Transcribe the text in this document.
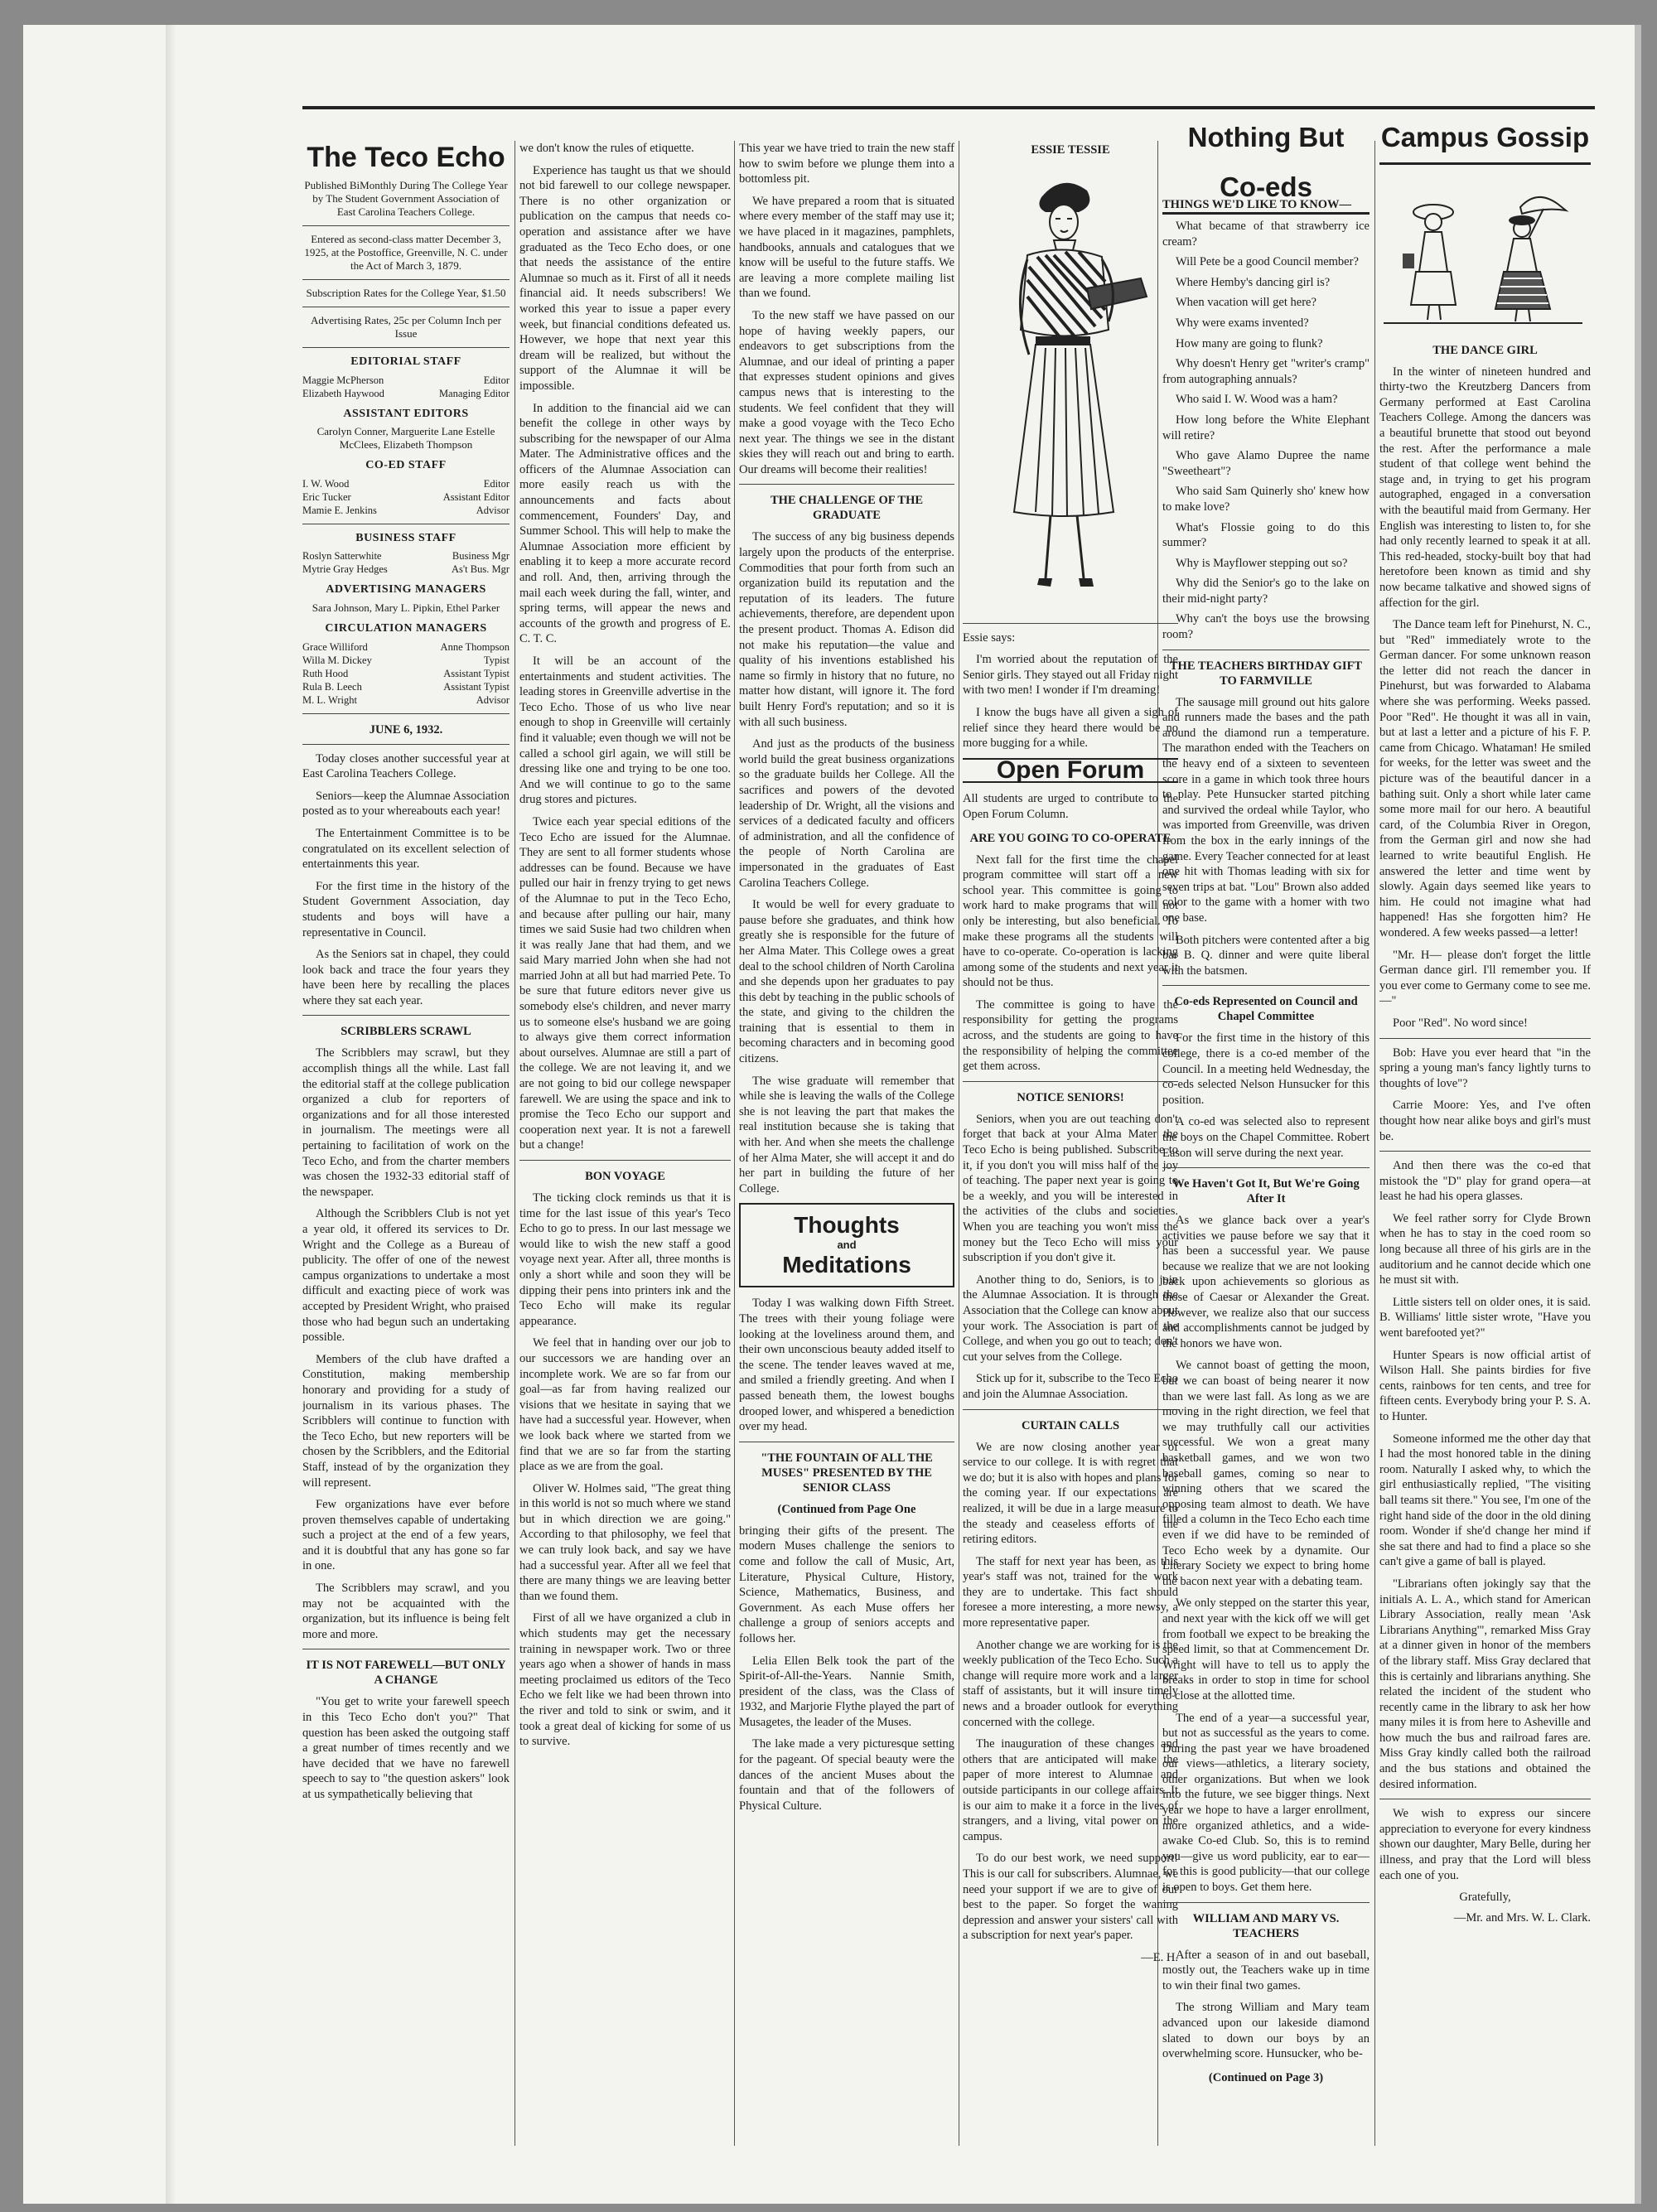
Nothing But Co-eds
Campus Gossip
The Teco Echo
Published BiMonthly During The College Year by The Student Government Association of East Carolina Teachers College.
Entered as second-class matter December 3, 1925, at the Postoffice, Greenville, N. C. under the Act of March 3, 1879.
Subscription Rates for the College Year, $1.50
Advertising Rates, 25c per Column Inch per Issue
EDITORIAL STAFF
Maggie McPherson	Editor
Elizabeth Haywood	Managing Editor
ASSISTANT EDITORS
Carolyn Conner, Marguerite Lane Estelle McClees, Elizabeth Thompson
CO-ED STAFF
I. W. Wood	Editor
Eric Tucker	Assistant Editor
Mamie E. Jenkins	Advisor
BUSINESS STAFF
Roslyn Satterwhite	Business Mgr
Mytrie Gray Hedges	As't Bus. Mgr
ADVERTISING MANAGERS
Sara Johnson, Mary L. Pipkin, Ethel Parker
CIRCULATION MANAGERS
Grace Williford	Anne Thompson
Willa M. Dickey	Typist
Ruth Hood	Assistant Typist
Rula B. Leech	Assistant Typist
M. L. Wright	Advisor
JUNE 6, 1932.

Today closes another successful year at East Carolina Teachers College.

Seniors—keep the Alumnae Association posted as to your whereabouts each year!

The Entertainment Committee is to be congratulated on its excellent selection of entertainments this year.

For the first time in the history of the Student Government Association, day students and boys will have a representative in Council.

As the Seniors sat in chapel, they could look back and trace the four years they have been here by recalling the places where they sat each year.

SCRIBBLERS SCRAWL

The Scribblers may scrawl, but they accomplish things all the while. Last fall the editorial staff at the college publication organized a club for reporters of organizations and for all those interested in journalism. The meetings were all pertaining to facilitation of work on the Teco Echo, and from the charter members was chosen the 1932-33 editorial staff of the newspaper.

Although the Scribblers Club is not yet a year old, it offered its services to Dr. Wright and the College as a Bureau of publicity. The offer of one of the newest campus organizations to undertake a most difficult and exacting piece of work was accepted by President Wright, who praised those who had begun such an undertaking possible.

Members of the club have drafted a Constitution, making membership honorary and providing for a study of journalism in its various phases. The Scribblers will continue to function with the Teco Echo, but new reporters will be chosen by the Scribblers, and the Editorial Staff, instead of by the organization they will represent.

Few organizations have ever before proven themselves capable of undertaking such a project at the end of a few years, and it is doubtful that any has gone so far in one.

The Scribblers may scrawl, and you may not be acquainted with the organization, but its influence is being felt more and more.

IT IS NOT FAREWELL—BUT ONLY A CHANGE

"You get to write your farewell speech in this Teco Echo don't you?" That question has been asked the outgoing staff a great number of times recently and we have decided that we have no farewell speech to say to "the question askers" look at us sympathetically believing that

we don't know the rules of etiquette.

Experience has taught us that we should not bid farewell to our college newspaper. There is no other organization or publication on the campus that needs co-operation and assistance after we have graduated as the Teco Echo does, or one that needs the assistance of the entire Alumnae so much as it. First of all it needs financial aid. It needs subscribers! We worked this year to issue a paper every week, but financial conditions defeated us. However, we hope that next year this dream will be realized, but without the support of the Alumnae it will be impossible.

In addition to the financial aid we can benefit the college in other ways by subscribing for the newspaper of our Alma Mater. The Administrative offices and the officers of the Alumnae Association can more easily reach us with the announcements and facts about commencement, Founders' Day, and Summer School. This will help to make the Alumnae Association more efficient by enabling it to keep a more accurate record and roll. And, then, arriving through the mail each week during the fall, winter, and spring terms, will appear the news and accounts of the growth and progress of E. C. T. C.

It will be an account of the entertainments and student activities. The leading stores in Greenville advertise in the Teco Echo. Those of us who live near enough to shop in Greenville will certainly find it valuable; even though we will not be called a school girl again, we will still be dressing like one and trying to be one too. And we will continue to go to the same drug stores and pictures.

Twice each year special editions of the Teco Echo are issued for the Alumnae. They are sent to all former students whose addresses can be found. Because we have pulled our hair in frenzy trying to get news of the Alumnae to put in the Teco Echo, and because after pulling our hair, many times we said Susie had two children when it was really Jane that had them, and we said Mary married John when she had not married John at all but had married Pete. To be sure that future editors never give us somebody else's children, and never marry us to someone else's husband we are going to always give them correct information about ourselves. Alumnae are still a part of the college. We are not leaving it, and we are not going to bid our college newspaper farewell. We are using the space and ink to promise the Teco Echo our support and cooperation next year. It is not a farewell but a change!

BON VOYAGE

The ticking clock reminds us that it is time for the last issue of this year's Teco Echo to go to press. In our last message we would like to wish the new staff a good voyage next year. After all, three months is only a short while and soon they will be dipping their pens into printers ink and the Teco Echo will make its regular appearance.

We feel that in handing over our job to our successors we are handing over an incomplete work. We are so far from our goal—as far from having realized our visions that we hesitate in saying that we have had a successful year. However, when we look back where we started from we find that we are so far from the starting place as we are from the goal.

Oliver W. Holmes said, "The great thing in this world is not so much where we stand but in which direction we are going." According to that philosophy, we feel that we can truly look back, and say we have had a successful year. After all we feel that there are many things we are leaving better than we found them.

First of all we have organized a club in which students may get the necessary training in newspaper work. Two or three years ago when a shower of hands in mass meeting proclaimed us editors of the Teco Echo we felt like we had been thrown into the river and told to sink or swim, and it took a great deal of kicking for some of us to survive.

This year we have tried to train the new staff how to swim before we plunge them into a bottomless pit.

We have prepared a room that is situated where every member of the staff may use it; we have placed in it magazines, pamphlets, handbooks, annuals and catalogues that we know will be useful to the future staffs. We are leaving a more complete mailing list than we found.

To the new staff we have passed on our hope of having weekly papers, our endeavors to get subscriptions from the Alumnae, and our ideal of printing a paper that expresses student opinions and gives campus news that is interesting to the students. We feel confident that they will make a good voyage with the Teco Echo next year. The things we see in the distant skies they will reach out and bring to earth. Our dreams will become their realities!

THE CHALLENGE OF THE GRADUATE

The success of any big business depends largely upon the products of the enterprise. Commodities that pour forth from such an organization build its reputation and the reputation of its leaders. The future achievements, therefore, are dependent upon the present product. Thomas A. Edison did not make his reputation—the value and quality of his inventions established his name so firmly in history that no future, no matter how distant, will ignore it. The ford built Henry Ford's reputation; and so it is with all such business.

And just as the products of the business world build the great business organizations so the graduate builds her College. All the sacrifices and powers of the devoted leadership of Dr. Wright, all the visions and services of a dedicated faculty and officers of administration, and all the confidence of the people of North Carolina are impersonated in the graduates of East Carolina Teachers College.

It would be well for every graduate to pause before she graduates, and think how greatly she is responsible for the future of her Alma Mater. This College owes a great deal to the school children of North Carolina and she depends upon her graduates to pay this debt by teaching in the public schools of the state, and giving to the children the training that is essential to them in becoming characters and in becoming good citizens.

The wise graduate will remember that while she is leaving the walls of the College she is not leaving the part that makes the real institution because she is taking that with her. And when she meets the challenge of her Alma Mater, she will accept it and do her part in building the future of her College.

Thoughts
and
Meditations

Today I was walking down Fifth Street. The trees with their young foliage were looking at the loveliness around them, and their own unconscious beauty added itself to the scene. The tender leaves waved at me, and smiled a friendly greeting. And when I passed beneath them, the lowest boughs drooped lower, and whispered a benediction over my head.

"THE FOUNTAIN OF ALL THE MUSES" PRESENTED BY THE SENIOR CLASS
(Continued from Page One

bringing their gifts of the present. The modern Muses challenge the seniors to come and follow the call of Music, Art, Literature, Physical Culture, History, Science, Mathematics, Business, and Government. As each Muse offers her challenge a group of seniors accepts and follows her.

Lelia Ellen Belk took the part of the Spirit-of-All-the-Years. Nannie Smith, president of the class, was the Class of 1932, and Marjorie Flythe played the part of Musagetes, the leader of the Muses.

The lake made a very picturesque setting for the pageant. Of special beauty were the dances of the ancient Muses about the fountain and that of the followers of Physical Culture.

ESSIE TESSIE

Essie says:

I'm worried about the reputation of the Senior girls. They stayed out all Friday night with two men! I wonder if I'm dreaming!

I know the bugs have all given a sigh of relief since they heard there would be no more bugging for a while.

Open Forum

All students are urged to contribute to the Open Forum Column.

ARE YOU GOING TO CO-OPERATE

Next fall for the first time the chapel program committee will start off a new school year. This committee is going to work hard to make programs that will not only be interesting, but also beneficial. To make these programs all the students will have to co-operate. Co-operation is lacking among some of the students and next year it should not be thus.

The committee is going to have the responsibility for getting the programs across, and the students are going to have the responsibility of helping the committee get them across.

NOTICE SENIORS!

Seniors, when you are out teaching don't forget that back at your Alma Mater the Teco Echo is being published. Subscribe to it, if you don't you will miss half of the joy of teaching. The paper next year is going to be a weekly, and you will be interested in the activities of the clubs and societies. When you are teaching you won't miss the money but the Teco Echo will miss your subscription if you don't give it.

Another thing to do, Seniors, is to join the Alumnae Association. It is through the Association that the College can know about your work. The Association is part of the College, and when you go out to teach; don't cut your selves from the College.

Stick up for it, subscribe to the Teco Echo and join the Alumnae Association.

CURTAIN CALLS

We are now closing another year of service to our college. It is with regret that we do; but it is also with hopes and plans for the coming year. If our expectations are realized, it will be due in a large measure to the steady and ceaseless efforts of the retiring editors.

The staff for next year has been, as this year's staff was not, trained for the work they are to undertake. This fact should foresee a more interesting, a more newsy, a more representative paper.

Another change we are working for is the weekly publication of the Teco Echo. Such a change will require more work and a larger staff of assistants, but it will insure timely news and a broader outlook for everything concerned with the college.

The inauguration of these changes and others that are anticipated will make the paper of more interest to Alumnae and outside participants in our college affairs. It is our aim to make it a force in the lives of strangers, and a living, vital power on the campus.

To do our best work, we need support! This is our call for subscribers. Alumnae, we need your support if we are to give of our best to the paper. So forget the waning depression and answer your sisters' call with a subscription for next year's paper.

—E. H.
THINGS WE'D LIKE TO KNOW—

What became of that strawberry ice cream?

Will Pete be a good Council member?

Where Hemby's dancing girl is?

When vacation will get here?

Why were exams invented?

How many are going to flunk?

Why doesn't Henry get "writer's cramp" from autographing annuals?

Who said I. W. Wood was a ham?

How long before the White Elephant will retire?

Who gave Alamo Dupree the name "Sweetheart"?

Who said Sam Quinerly sho' knew how to make love?

What's Flossie going to do this summer?

Why is Mayflower stepping out so?

Why did the Senior's go to the lake on their mid-night party?

Why can't the boys use the browsing room?

THE TEACHERS BIRTHDAY GIFT TO FARMVILLE

The sausage mill ground out hits galore and runners made the bases and the path around the diamond run a temperature. The marathon ended with the Teachers on the heavy end of a sixteen to seventeen score in a game in which took three hours to play. Pete Hunsucker started pitching and survived the ordeal while Taylor, who was imported from Greenville, was driven from the box in the early innings of the game. Every Teacher connected for at least one hit with Thomas leading with six for seven trips at bat. "Lou" Brown also added color to the game with a homer with two one base.

Both pitchers were contented after a big bar B. Q. dinner and were quite liberal with the batsmen.

Co-eds Represented on Council and Chapel Committee

For the first time in the history of this college, there is a co-ed member of the Council. In a meeting held Wednesday, the co-eds selected Nelson Hunsucker for this position.

A co-ed was selected also to represent the boys on the Chapel Committee. Robert Eason will serve during the next year.

We Haven't Got It, But We're Going After It

As we glance back over a year's activities we pause before we say that it has been a successful year. We pause because we realize that we are not looking back upon achievements so glorious as those of Caesar or Alexander the Great. However, we realize also that our success and accomplishments cannot be judged by the honors we have won.

We cannot boast of getting the moon, but we can boast of being nearer it now than we were last fall. As long as we are moving in the right direction, we feel that we may truthfully call our activities successful. We won a great many basketball games, and we won two baseball games, coming so near to winning others that we scared the opposing team almost to death. We have filled a column in the Teco Echo each time even if we did have to be reminded of Teco Echo week by a dynamite. Our Literary Society we expect to bring home the bacon next year with a debating team.

We only stepped on the starter this year, and next year with the kick off we will get from football we expect to be breaking the speed limit, so that at Commencement Dr. Wright will have to tell us to apply the breaks in order to stop in time for school to close at the allotted time.

The end of a year—a successful year, but not as successful as the years to come. During the past year we have broadened our views—athletics, a literary society, other organizations. But when we look into the future, we see bigger things. Next year we hope to have a larger enrollment, more organized athletics, and a wide-awake Co-ed Club. So, this is to remind you—give us word publicity, ear to ear—for this is good publicity—that our college is open to boys. Get them here.

WILLIAM AND MARY VS. TEACHERS

After a season of in and out baseball, mostly out, the Teachers wake up in time to win their final two games.

The strong William and Mary team advanced upon our lakeside diamond slated to down our boys by an overwhelming score. Hunsucker, who be-

(Continued on Page 3)
THE DANCE GIRL

In the winter of nineteen hundred and thirty-two the Kreutzberg Dancers from Germany performed at East Carolina Teachers College. Among the dancers was a beautiful brunette that stood out beyond the rest. After the performance a male student of that college went behind the stage and, in trying to get his program autographed, engaged in a conversation with the beautiful maid from Germany. Her English was interesting to listen to, for she had only recently learned to speak it at all. This red-headed, stocky-built boy that had heretofore been known as timid and shy now became talkative and showed signs of affection for the girl.

The Dance team left for Pinehurst, N. C., but "Red" immediately wrote to the German dancer. For some unknown reason the letter did not reach the dancer in Pinehurst, but was forwarded to Alabama where she was performing. Weeks passed. Poor "Red". He thought it was all in vain, but at last a letter and a picture of his F. P. came from Chicago. Whataman! He smiled for weeks, for the letter was sweet and the picture was of the beautiful dancer in a bathing suit. Only a short while later came some more mail for our hero. A beautiful card, of the Columbia River in Oregon, from the German girl and now she had learned to write beautiful English. He answered the letter and time went by slowly. Again days seemed like years to him. He could not imagine what had happened! Has she forgotten him? He wondered. A few weeks passed—a letter!

"Mr. H— please don't forget the little German dance girl. I'll remember you. If you ever come to Germany come to see me.—"

Poor "Red". No word since!

Bob: Have you ever heard that "in the spring a young man's fancy lightly turns to thoughts of love"?

Carrie Moore: Yes, and I've often thought how near alike boys and girl's must be.

And then there was the co-ed that mistook the "D" play for grand opera—at least he had his opera glasses.

We feel rather sorry for Clyde Brown when he has to stay in the coed room so long because all three of his girls are in the auditorium and he cannot decide which one he must sit with.

Little sisters tell on older ones, it is said. B. Williams' little sister wrote, "Have you went barefooted yet?"

Hunter Spears is now official artist of Wilson Hall. She paints birdies for five cents, rainbows for ten cents, and tree for fifteen cents. Everybody bring your P. S. A. to Hunter.

Someone informed me the other day that I had the most honored table in the dining room. Naturally I asked why, to which the girl enthusiastically replied, "The visiting ball teams sit there." You see, I'm one of the right hand side of the door in the old dining room. Wonder if she'd change her mind if she sat there and had to find a place so she can't give a game of ball is played.

"Librarians often jokingly say that the initials A. L. A., which stand for American Library Association, really mean 'Ask Librarians Anything'", remarked Miss Gray at a dinner given in honor of the members of the library staff. Miss Gray declared that this is certainly and librarians anything. She related the incident of the student who recently came in the library to ask her how many miles it is from here to Asheville and how much the bus and railroad fares are. Miss Gray kindly called both the railroad and the bus stations and obtained the desired information.

We wish to express our sincere appreciation to everyone for every kindness shown our daughter, Mary Belle, during her illness, and pray that the Lord will bless each one of you.

Gratefully,
—Mr. and Mrs. W. L. Clark.
